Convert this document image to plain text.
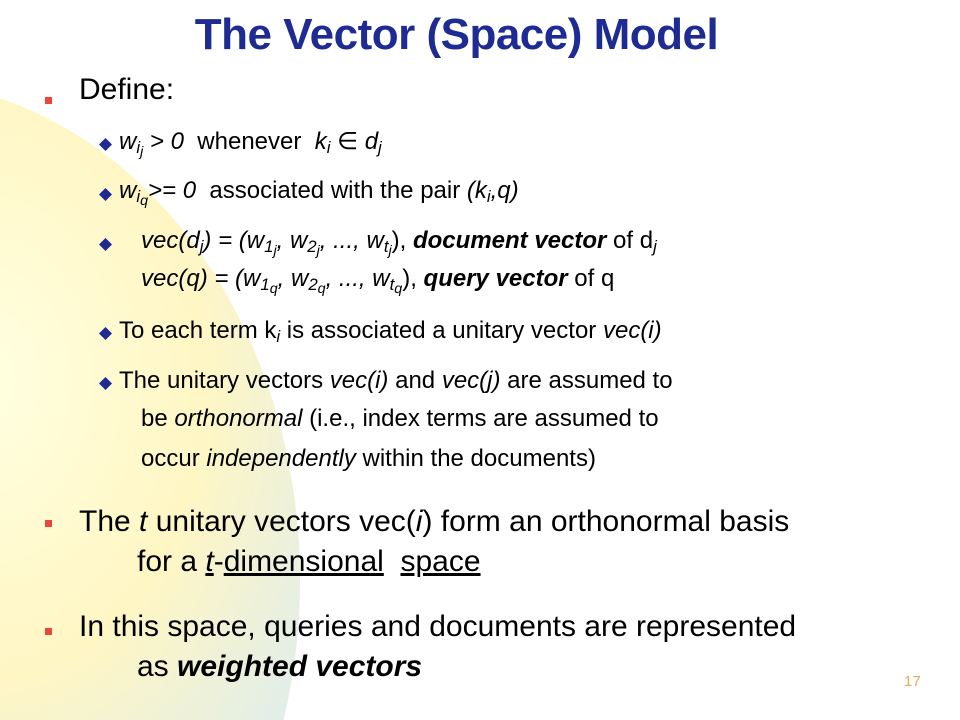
The Vector (Space) Model
Define:
$w_{i_j} > 0$ whenever $k_i$ ∈ $d_j$
$w_{i_q}>= 0$ associated with the pair $(k_i,q)$
$vec(d_j) = (w_{1_j}$, $w_{2_j}$, ..., $w_{t_j}$), document vector of $d_j$
$vec(q) = (w_{1_q}$, $w_{2_q}$, ..., $w_{t_q}$), query vector of q
To each term $k_i$ is associated a unitary vector vec(i)
The unitary vectors vec(i) and vec(j) are assumed to
be orthonormal (i.e., index terms are assumed to
occur independently within the documents)
The t unitary vectors vec(i) form an orthonormal basis
for a t-dimensional space
In this space, queries and documents are represented
as weighted vectors	17
